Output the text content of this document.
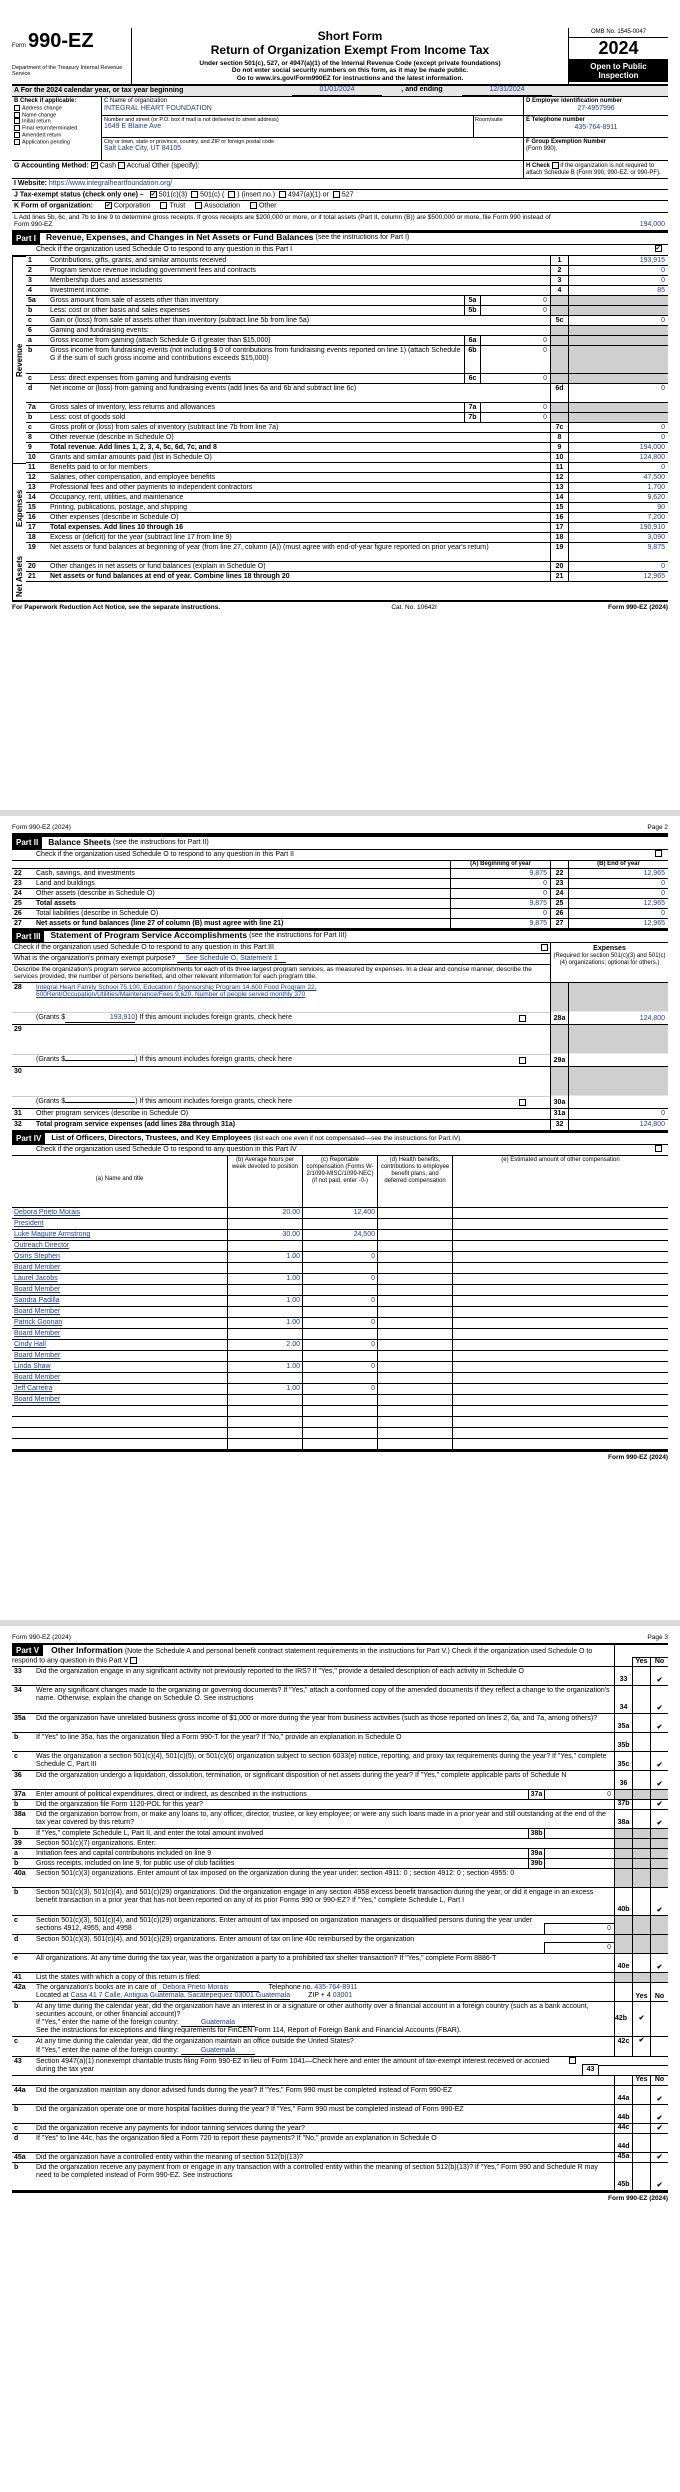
Form 990-EZ
Department of the Treasury Internal Revenue Service
Short Form
Return of Organization Exempt From Income Tax
Under section 501(c), 527, or 4947(a)(1) of the Internal Revenue Code (except private foundations)
Do not enter social security numbers on this form, as it may be made public.
Go to www.irs.gov/Form990EZ for instructions and the latest information.
OMB No. 1545-0047
2024
Open to Public Inspection
A For the 2024 calendar year, or tax year beginning	01/01/2024	, and ending	12/31/2024
B Check if applicable:
Address change
Name change
Initial return
Final return/terminated
Amended return
Application pending
C Name of organization
INTEGRAL HEART FOUNDATION
Number and street (or P.O. box if mail is not delivered to street address)
1649 E Blaine Ave
Room/suite
City or town, state or province, country, and ZIP or foreign postal code
Salt Lake City, UT 84105
D Employer identification number
27-4957996
E Telephone number
435-764-8911
F Group Exemption Number
(Form 990).
G Accounting Method: ✔ Cash Accrual Other (specify):	H Check if the organization is not required to attach Schedule B (Form 990, 990-EZ, or 990-PF).
I Website: https://www.integralheartfoundation.org/
J Tax-exempt status (check only one) – ✔ 501(c)(3) 501(c) ( ) (insert no.) 4947(a)(1) or 527
K Form of organization: ✔ Corporation	Trust	Association	Other
L Add lines 5b, 6c, and 7b to line 9 to determine gross receipts. If gross receipts are $200,000 or more, or if total assets (Part II, column (B)) are $500,000 or more, file Form 990 instead of Form 990-EZ	194,000
Part I	Revenue, Expenses, and Changes in Net Assets or Fund Balances
(see the instructions for Part I)
Check if the organization used Schedule O to respond to any question in this Part I	✔
Revenue
Expenses
Net Assets
1	Contributions, gifts, grants, and similar amounts received	1	193,915
2	Program service revenue including government fees and contracts	2	0
3	Membership dues and assessments	3	0
4	Investment income	4	85
5a	Gross amount from sale of assets other than inventory	5a	0
b	Less: cost or other basis and sales expenses	5b	0
c	Gain or (loss) from sale of assets other than inventory (subtract line 5b from line 5a)	5c	0
6	Gaming and fundraising events:
a	Gross income from gaming (attach Schedule G if greater than $15,000)	6a	0
b	Gross income from fundraising events (not including $ 0 of contributions from fundraising events reported on line 1) (attach Schedule G if the sum of such gross income and contributions exceeds $15,000)
6b	0
c	Less: direct expenses from gaming and fundraising events	6c	0
d	Net income or (loss) from gaming and fundraising events (add lines 6a and 6b and subtract line 6c)	6d	0
7a	Gross sales of inventory, less returns and allowances	7a	0
b	Less: cost of goods sold	7b	0
c	Gross profit or (loss) from sales of inventory (subtract line 7b from line 7a)	7c	0
8	Other revenue (describe in Schedule O)	8	0
9	Total revenue. Add lines 1, 2, 3, 4, 5c, 6d, 7c, and 8	9	194,000
10	Grants and similar amounts paid (list in Schedule O)	10	124,800
11	Benefits paid to or for members	11	0
12	Salaries, other compensation, and employee benefits	12	47,500
13	Professional fees and other payments to independent contractors	13	1,700
14	Occupancy, rent, utilities, and maintenance	14	9,620
15	Printing, publications, postage, and shipping	15	90
16	Other expenses (describe in Schedule O)	16	7,200
17	Total expenses. Add lines 10 through 16	17	190,910
18	Excess or (deficit) for the year (subtract line 17 from line 9)	18	3,090
19	Net assets or fund balances at beginning of year (from line 27, column (A)) (must agree with end-of-year figure reported on prior year's return)	19	9,875
20	Other changes in net assets or fund balances (explain in Schedule O)	20	0
21	Net assets or fund balances at end of year. Combine lines 18 through 20	21	12,965
For Paperwork Reduction Act Notice, see the separate instructions.	Cat. No. 10642I	Form 990-EZ (2024)
Form 990-EZ (2024)	Page 2
Part II	Balance Sheets
(see the instructions for Part II)
Check if the organization used Schedule O to respond to any question in this Part II
(A) Beginning of year	(B) End of year
22	Cash, savings, and investments	9,875	22	12,965
23	Land and buildings	0	23	0
24	Other assets (describe in Schedule O)	0	24	0
25	Total assets	9,875	25	12,965
26	Total liabilities (describe in Schedule O)	0	26	0
27	Net assets or fund balances (line 27 of column (B) must agree with line 21)	9,875	27	12,965
Part III	Statement of Program Service Accomplishments
(see the instructions for Part III)
Check if the organization used Schedule O to respond to any question in this Part III
What is the organization's primary exempt purpose? See Schedule O, Statement 1
Describe the organization's program service accomplishments for each of its three largest program services, as measured by expenses. In a clear and concise manner, describe the services provided, the number of persons benefited, and other relevant information for each program title.
Expenses
(Required for section 501(c)(3) and 501(c)(4) organizations; optional for others.)
28	Integral Heart Family School 75,100, Education / Sponsorship Program 14,600 Food Program 22,
600Rent/Occupation/Utilities/Maintenance/Fees 9,620. Number of people served monthly 370
(Grants $	193,910 ) If this amount includes foreign grants, check here	28a	124,800
29
(Grants $	) If this amount includes foreign grants, check here	29a
30
(Grants $	) If this amount includes foreign grants, check here	30a
31	Other program services (describe in Schedule O)	31a	0
32	Total program service expenses (add lines 28a through 31a)	32	124,800
Part IV	List of Officers, Directors, Trustees, and Key Employees
(list each one even if not compensated—see the instructions for Part IV)
Check if the organization used Schedule O to respond to any question in this Part IV
(a) Name and title
(b) Average hours per week devoted to position
(c) Reportable compensation (Forms W-2/1099-MISC/1099-NEC) (if not paid, enter -0-)
(d) Health benefits, contributions to employee benefit plans, and deferred compensation
(e) Estimated amount of other compensation
Debora Prieto Morais	20.00	12,400
President
Luke Maguire Armstrong	30.00	24,500
Outreach Director
Osiris Stephen	1.00	0
Board Member
Laurel Jacobs	1.00	0
Board Member
Sandra Padilla	1.00	0
Board Member
Patrick Goonan	1.00	0
Board Member
Cindy Hall	2.00	0
Board Member
Linda Shaw	1.00	0
Board Member
Jeff Carreira	1.00	0
Board Member
Form 990-EZ (2024)
Form 990-EZ (2024)	Page 3
Part V Other Information (Note the Schedule A and personal benefit contract statement requirements in the instructions for Part V.) Check if the organization used Schedule O to respond to any question in this Part V	Yes	No
33	Did the organization engage in any significant activity not previously reported to the IRS? If "Yes," provide a detailed description of each activity in Schedule O
33	✔
34	Were any significant changes made to the organizing or governing documents? If "Yes," attach a conformed copy of the amended documents if they reflect a change to the organization's name. Otherwise, explain the change on Schedule O. See instructions
34	✔
35a	Did the organization have unrelated business gross income of $1,000 or more during the year from business activities (such as those reported on lines 2, 6a, and 7a, among others)?
35a	✔
b	If "Yes" to line 35a, has the organization filed a Form 990-T for the year? If "No," provide an explanation in Schedule O
35b
c	Was the organization a section 501(c)(4), 501(c)(5), or 501(c)(6) organization subject to section 6033(e) notice, reporting, and proxy tax requirements during the year? If "Yes," complete Schedule C, Part III	35c	✔
36	Did the organization undergo a liquidation, dissolution, termination, or significant disposition of net assets during the year? If "Yes," complete applicable parts of Schedule N
36	✔
37a	Enter amount of political expenditures, direct or indirect, as described in the instructions	37a	0
b	Did the organization file Form 1120-POL for this year?	37b	✔
38a	Did the organization borrow from, or make any loans to, any officer, director, trustee, or key employee; or were any such loans made in a prior year and still outstanding at the end of the tax year covered by this return?	38a	✔
b	If "Yes," complete Schedule L, Part II, and enter the total amount involved	38b
39	Section 501(c)(7) organizations. Enter:
a	Initiation fees and capital contributions included on line 9	39a
b	Gross receipts, included on line 9, for public use of club facilities	39b
40a	Section 501(c)(3) organizations. Enter amount of tax imposed on the organization during the year under: section 4911: 0 ; section 4912: 0 ; section 4955: 0
b	Section 501(c)(3), 501(c)(4), and 501(c)(29) organizations. Did the organization engage in any section 4958 excess benefit transaction during the year, or did it engage in an excess benefit transaction in a prior year that has not been reported on any of its prior Forms 990 or 990-EZ? If "Yes," complete Schedule L, Part I
40b	✔
c	Section 501(c)(3), 501(c)(4), and 501(c)(29) organizations. Enter amount of tax imposed on organization managers or disqualified persons during the year under sections 4912, 4955, and 4958	0
d	Section 501(c)(3), 501(c)(4), and 501(c)(29) organizations. Enter amount of tax on line 40c reimbursed by the organization
0
e	All organizations. At any time during the tax year, was the organization a party to a prohibited tax shelter transaction? If "Yes," complete Form 8886-T
40e	✔
41	List the states with which a copy of this return is filed:
42a	The organization's books are in care of Debora Prieto Morais	Telephone no. 435-764-8911
Located at Casa 41 7 Calle, Antigua Guatemala, Sacatepequez 03001 Guatemala	ZIP + 4 03001	Yes	No
b	At any time during the calendar year, did the organization have an interest in or a signature or other authority over a financial account in a foreign country (such as a bank account, securities account, or other financial account)?
If "Yes," enter the name of the foreign country:	Guatemala
See the instructions for exceptions and filing requirements for FinCEN Form 114, Report of Foreign Bank and Financial Accounts (FBAR).
42b	✔
c	At any time during the calendar year, did the organization maintain an office outside the United States?
If "Yes," enter the name of the foreign country:	Guatemala
42c	✔
43	Section 4947(a)(1) nonexempt charitable trusts filing Form 990-EZ in lieu of Form 1041—Check here and enter the amount of tax-exempt interest received or accrued during the tax year	43
Yes	No
44a	Did the organization maintain any donor advised funds during the year? If "Yes," Form 990 must be completed instead of Form 990-EZ
44a	✔
b	Did the organization operate one or more hospital facilities during the year? If "Yes," Form 990 must be completed instead of Form 990-EZ
44b	✔
c	Did the organization receive any payments for indoor tanning services during the year?	44c	✔
d	If "Yes" to line 44c, has the organization filed a Form 720 to report these payments? If "No," provide an explanation in Schedule O
44d
45a	Did the organization have a controlled entity within the meaning of section 512(b)(13)?	45a	✔
b	Did the organization receive any payment from or engage in any transaction with a controlled entity within the meaning of section 512(b)(13)? If "Yes," Form 990 and Schedule R may need to be completed instead of Form 990-EZ. See instructions
45b	✔
Form 990-EZ (2024)
